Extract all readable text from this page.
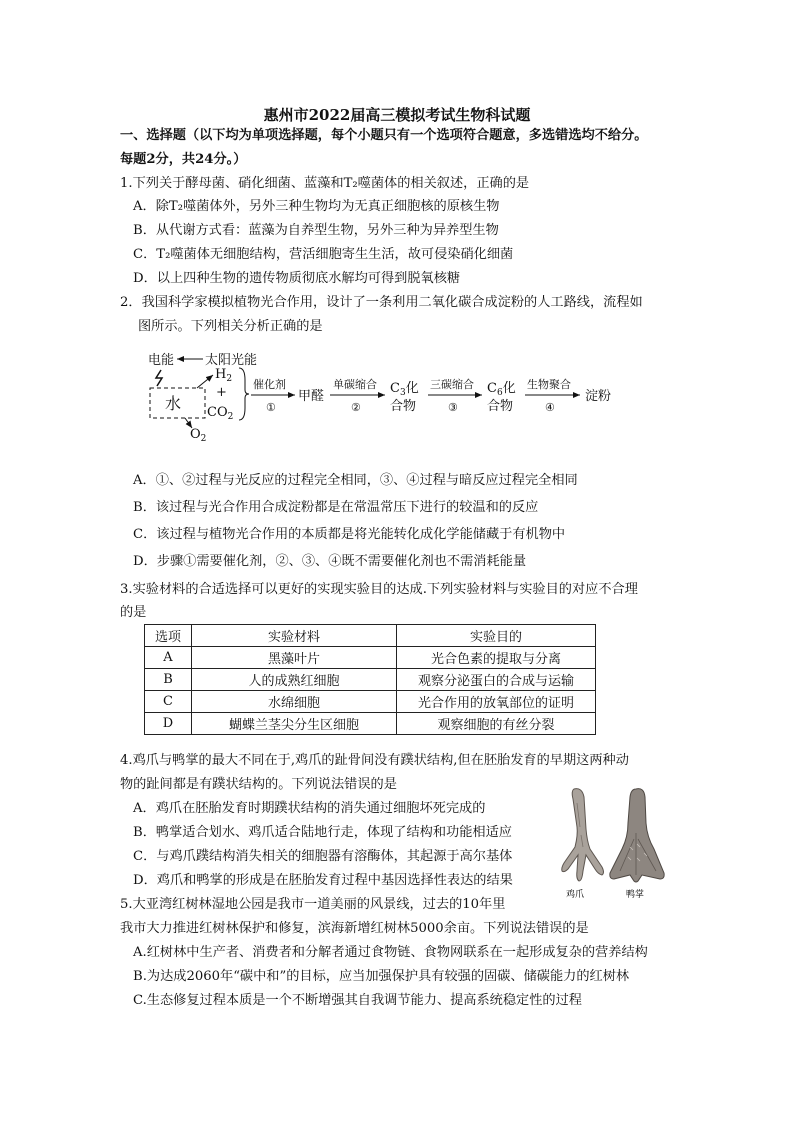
惠州市2022届高三模拟考试生物科试题
一、选择题（以下均为单项选择题，每个小题只有一个选项符合题意，多选错选均不给分。
每题2分，共24分。）
1.下列关于酵母菌、硝化细菌、蓝藻和T₂噬菌体的相关叙述，正确的是
A．除T₂噬菌体外，另外三种生物均为无真正细胞核的原核生物
B．从代谢方式看：蓝藻为自养型生物，另外三种为异养型生物
C．T₂噬菌体无细胞结构，营活细胞寄生生活，故可侵染硝化细菌
D．以上四种生物的遗传物质彻底水解均可得到脱氧核糖
2．我国科学家模拟植物光合作用，设计了一条利用二氧化碳合成淀粉的人工路线，流程如
图所示。下列相关分析正确的是
电能 太阳光能
水
$H_2$
+
$CO_2$
$O_2$
催化剂
①
甲醛
单碳缩合
②
$C_3$化
合物
三碳缩合
③
$C_6$化
合物
生物聚合
④
淀粉
A．①、②过程与光反应的过程完全相同，③、④过程与暗反应过程完全相同
B．该过程与光合作用合成淀粉都是在常温常压下进行的较温和的反应
C．该过程与植物光合作用的本质都是将光能转化成化学能储藏于有机物中
D．步骤①需要催化剂，②、③、④既不需要催化剂也不需消耗能量
3.实验材料的合适选择可以更好的实现实验目的达成.下列实验材料与实验目的对应不合理
的是
选项	实验材料	实验目的
A	黑藻叶片	光合色素的提取与分离
B	人的成熟红细胞	观察分泌蛋白的合成与运输
C	水绵细胞	光合作用的放氧部位的证明
D	蝴蝶兰茎尖分生区细胞	观察细胞的有丝分裂
4.鸡爪与鸭掌的最大不同在于,鸡爪的趾骨间没有蹼状结构,但在胚胎发育的早期这两种动
物的趾间都是有蹼状结构的。下列说法错误的是
A．鸡爪在胚胎发育时期蹼状结构的消失通过细胞坏死完成的
B．鸭掌适合划水、鸡爪适合陆地行走，体现了结构和功能相适应
C．与鸡爪蹼结构消失相关的细胞器有溶酶体，其起源于高尔基体
D．鸡爪和鸭掌的形成是在胚胎发育过程中基因选择性表达的结果
鸡爪	鸭掌
5.大亚湾红树林湿地公园是我市一道美丽的风景线，过去的10年里
我市大力推进红树林保护和修复，滨海新增红树林5000余亩。下列说法错误的是
A.红树林中生产者、消费者和分解者通过食物链、食物网联系在一起形成复杂的营养结构
B.为达成2060年“碳中和”的目标，应当加强保护具有较强的固碳、储碳能力的红树林
C.生态修复过程本质是一个不断增强其自我调节能力、提高系统稳定性的过程
